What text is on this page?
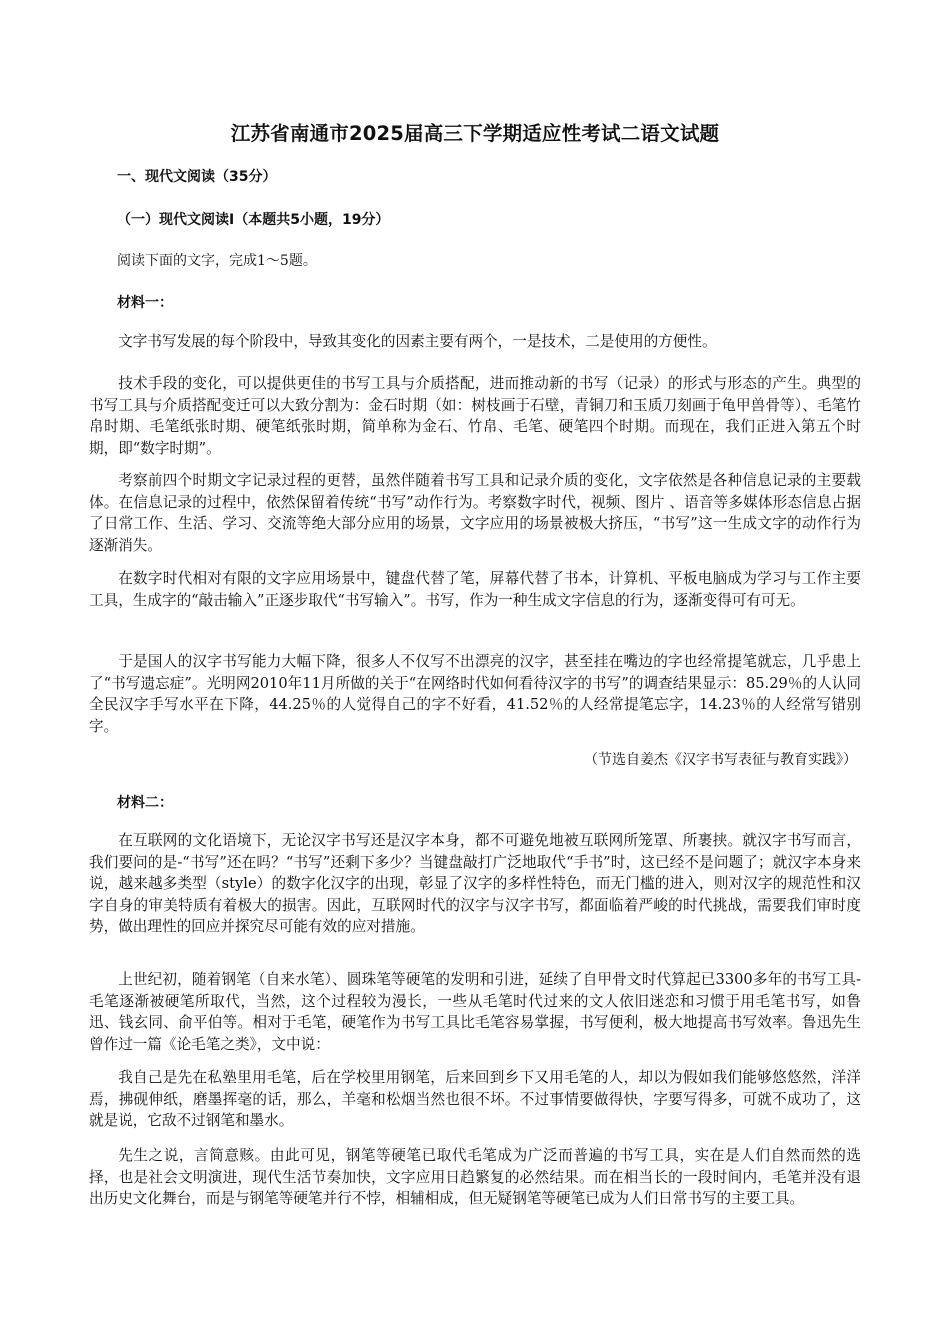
江苏省南通市2025届高三下学期适应性考试二语文试题
一、现代文阅读（35分）
（一）现代文阅读Ⅰ（本题共5小题，19分）
阅读下面的文字，完成1～5题。
材料一：
文字书写发展的每个阶段中，导致其变化的因素主要有两个，一是技术，二是使用的方便性。
技术手段的变化，可以提供更佳的书写工具与介质搭配，进而推动新的书写（记录）的形式与形态的产生。典型的书写工具与介质搭配变迁可以大致分割为：金石时期（如：树枝画于石壁，青铜刀和玉质刀刻画于龟甲兽骨等）、毛笔竹帛时期、毛笔纸张时期、硬笔纸张时期，简单称为金石、竹帛、毛笔、硬笔四个时期。而现在，我们正进入第五个时期，即“数字时期”。
考察前四个时期文字记录过程的更替，虽然伴随着书写工具和记录介质的变化，文字依然是各种信息记录的主要载体。在信息记录的过程中，依然保留着传统“书写”动作行为。考察数字时代，视频、图片 、语音等多媒体形态信息占据了日常工作、生活、学习、交流等绝大部分应用的场景，文字应用的场景被极大挤压，“书写”这一生成文字的动作行为逐渐消失。
在数字时代相对有限的文字应用场景中，键盘代替了笔，屏幕代替了书本，计算机、平板电脑成为学习与工作主要工具，生成字的“敲击输入”正逐步取代“书写输入”。书写，作为一种生成文字信息的行为，逐渐变得可有可无。
于是国人的汉字书写能力大幅下降，很多人不仅写不出漂亮的汉字，甚至挂在嘴边的字也经常提笔就忘，几乎患上了“书写遗忘症”。光明网2010年11月所做的关于“在网络时代如何看待汉字的书写”的调查结果显示：85.29％的人认同全民汉字手写水平在下降，44.25％的人觉得自己的字不好看，41.52％的人经常提笔忘字，14.23％的人经常写错别字。
（节选自姜杰《汉字书写表征与教育实践》）
材料二：
在互联网的文化语境下，无论汉字书写还是汉字本身，都不可避免地被互联网所笼罩、所裹挟。就汉字书写而言，我们要问的是-“书写”还在吗？“书写”还剩下多少？当键盘敲打广泛地取代“手书”时，这已经不是问题了；就汉字本身来说，越来越多类型（style）的数字化汉字的出现，彰显了汉字的多样性特色，而无门槛的进入，则对汉字的规范性和汉字自身的审美特质有着极大的损害。因此，互联网时代的汉字与汉字书写，都面临着严峻的时代挑战，需要我们审时度势，做出理性的回应并探究尽可能有效的应对措施。
上世纪初，随着钢笔（自来水笔）、圆珠笔等硬笔的发明和引进，延续了自甲骨文时代算起已3300多年的书写工具-毛笔逐渐被硬笔所取代，当然，这个过程较为漫长，一些从毛笔时代过来的文人依旧迷恋和习惯于用毛笔书写，如鲁迅、钱玄同、俞平伯等。相对于毛笔，硬笔作为书写工具比毛笔容易掌握，书写便利，极大地提高书写效率。鲁迅先生曾作过一篇《论毛笔之类》，文中说：
我自己是先在私塾里用毛笔，后在学校里用钢笔，后来回到乡下又用毛笔的人，却以为假如我们能够悠悠然，洋洋焉，拂砚伸纸，磨墨挥毫的话，那么，羊毫和松烟当然也很不坏。不过事情要做得快，字要写得多，可就不成功了，这就是说，它敌不过钢笔和墨水。
先生之说，言简意赅。由此可见，钢笔等硬笔已取代毛笔成为广泛而普遍的书写工具，实在是人们自然而然的选择，也是社会文明演进，现代生活节奏加快，文字应用日趋繁复的必然结果。而在相当长的一段时间内，毛笔并没有退出历史文化舞台，而是与钢笔等硬笔并行不悖，相辅相成，但无疑钢笔等硬笔已成为人们日常书写的主要工具。
